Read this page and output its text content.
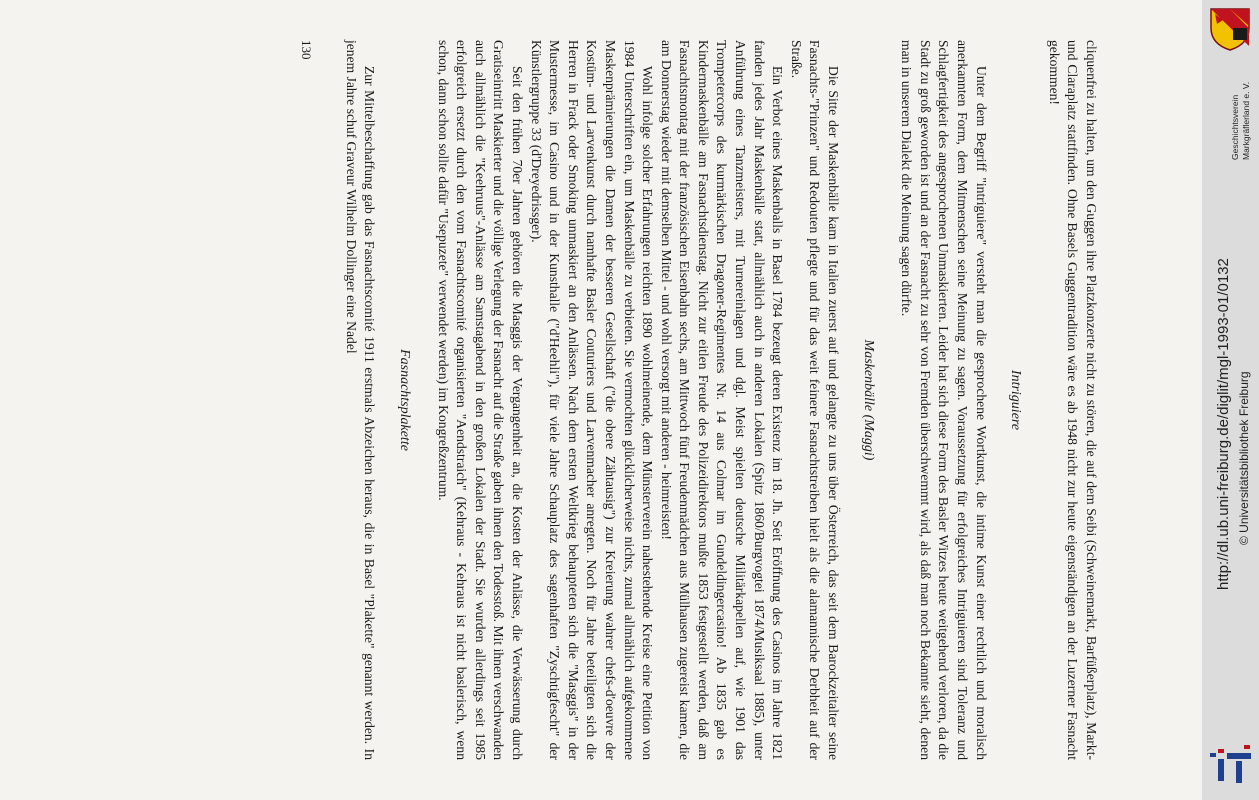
cliquenfrei zu halten, um den Guggen ihre Platzkonzerte nicht zu stören, die auf dem Seibi (Schweinemarkt, Barfüßerplatz), Markt- und Claraplatz stattfinden. Ohne Basels Guggentradition wäre es ab 1948 nicht zur heute eigenständigen an der Luzerner Fasnacht gekommen!

Intriguiere

Unter dem Begriff "intriguiere" versteht man die gesprochene Wortkunst, die intime Kunst einer rechtlich und moralisch anerkannten Form, dem Mitmenschen seine Meinung zu sagen. Voraussetzung für erfolgreiches Intriguieren sind Toleranz und Schlagfertigkeit des angesprochenen Unmaskierten. Leider hat sich diese Form des Basler Witzes heute weitgehend verloren, da die Stadt zu groß geworden ist und an der Fasnacht zu sehr von Fremden überschwemmt wird, als daß man noch Bekannte sieht, denen man in unserem Dialekt die Meinung sagen dürfte.

Maskenbälle (Maggi)

Die Sitte der Maskenbälle kam in Italien zuerst auf und gelangte zu uns über Österreich, das seit dem Barockzeitalter seine Fasnachts-"Prinzen" und Redouten pflegte und für das weit feinere Fasnachtstreiben hielt als die alamannische Derbheit auf der Straße.

Ein Verbot eines Maskenballs in Basel 1784 bezeugt deren Existenz im 18. Jh. Seit Eröffnung des Casinos im Jahre 1821 fanden jedes Jahr Maskenbälle statt, allmählich auch in anderen Lokalen (Spitz 1860/Burgvogtei 1874/Musiksaal 1885), unter Anführung eines Tanzmeisters, mit Turnereinlagen und dgl. Meist spielten deutsche Militärkapellen auf, wie 1901 das Trompetercorps des kurmärkischen Dragoner-Regimentes Nr. 14 aus Colmar im Gundeldingercasino! Ab 1835 gab es Kindermaskenbälle am Fasnachtsdienstag. Nicht zur eitlen Freude des Polizeidirektors mußte 1853 festgestellt werden, daß am Fasnachtsmontag mit der französischen Eisenbahn sechs, am Mittwoch fünf Freudenmädchen aus Mülhausen zugereist kamen, die am Donnerstag wieder mit demselben Mittel - und wohl versorgt mit anderen - heimreisten!

Wohl infolge solcher Erfahrungen reichten 1890 wohlmeinende, dem Münsterverein nahestehende Kreise eine Petition von 1984 Unterschriften ein, um Maskenbälle zu verbieten. Sie vermochten glücklicherweise nichts, zumal allmählich aufgekommene Maskenprämierungen die Damen der besseren Gesellschaft ("die obere Zähtausig") zur Kreierung wahrer chefs-d'oeuvre der Kostüm- und Larvenkunst durch namhafte Basler Couturiers und Larvenmacher anregten. Noch für Jahre beteiligten sich die Herren in Frack oder Smoking unmaskiert an den Anlässen. Nach dem ersten Weltkrieg behaupteten sich die "Masggis" in der Mustermesse, im Casino und in der Kunsthalle ("d'Heehli"), für viele Jahre Schauplatz des sagenhaften "Zyschtigfescht" der Künstlergruppe 33 (d'Dreyedrissger).

Seit den frühen 70er Jahren gehören die Masggis der Vergangenheit an, die Kosten der Anlässe, die Verwässerung durch Gratiseintritt Maskierter und die völlige Verlegung der Fasnacht auf die Straße gaben ihnen den Todesstoß. Mit ihnen verschwanden auch allmählich die "Keehruus"-Anlässe am Samstagabend in den großen Lokalen der Stadt. Sie wurden allerdings seit 1985 erfolgreich ersetzt durch den vom Fasnachtscomité organisierten "Aendstraich" (Kehraus - Kehraus ist nicht baslerisch, wenn schon, dann schon sollte dafür "Usepuzete" verwendet werden) im Kongreßzentrum.

Fasnachtsplakette

Zur Mittelbeschaffung gab das Fasnachtscomité 1911 erstmals Abzeichen heraus, die in Basel "Plakette" genannt werden. In jenem Jahre schuf Graveur Wilhelm Dollinger eine Nadel

130
http://dl.ub.uni-freiburg.de/diglit/mgl-1993-01/0132 © Universitätsbibliothek Freiburg
Geschichtsverein Markgräflerland e. V.
